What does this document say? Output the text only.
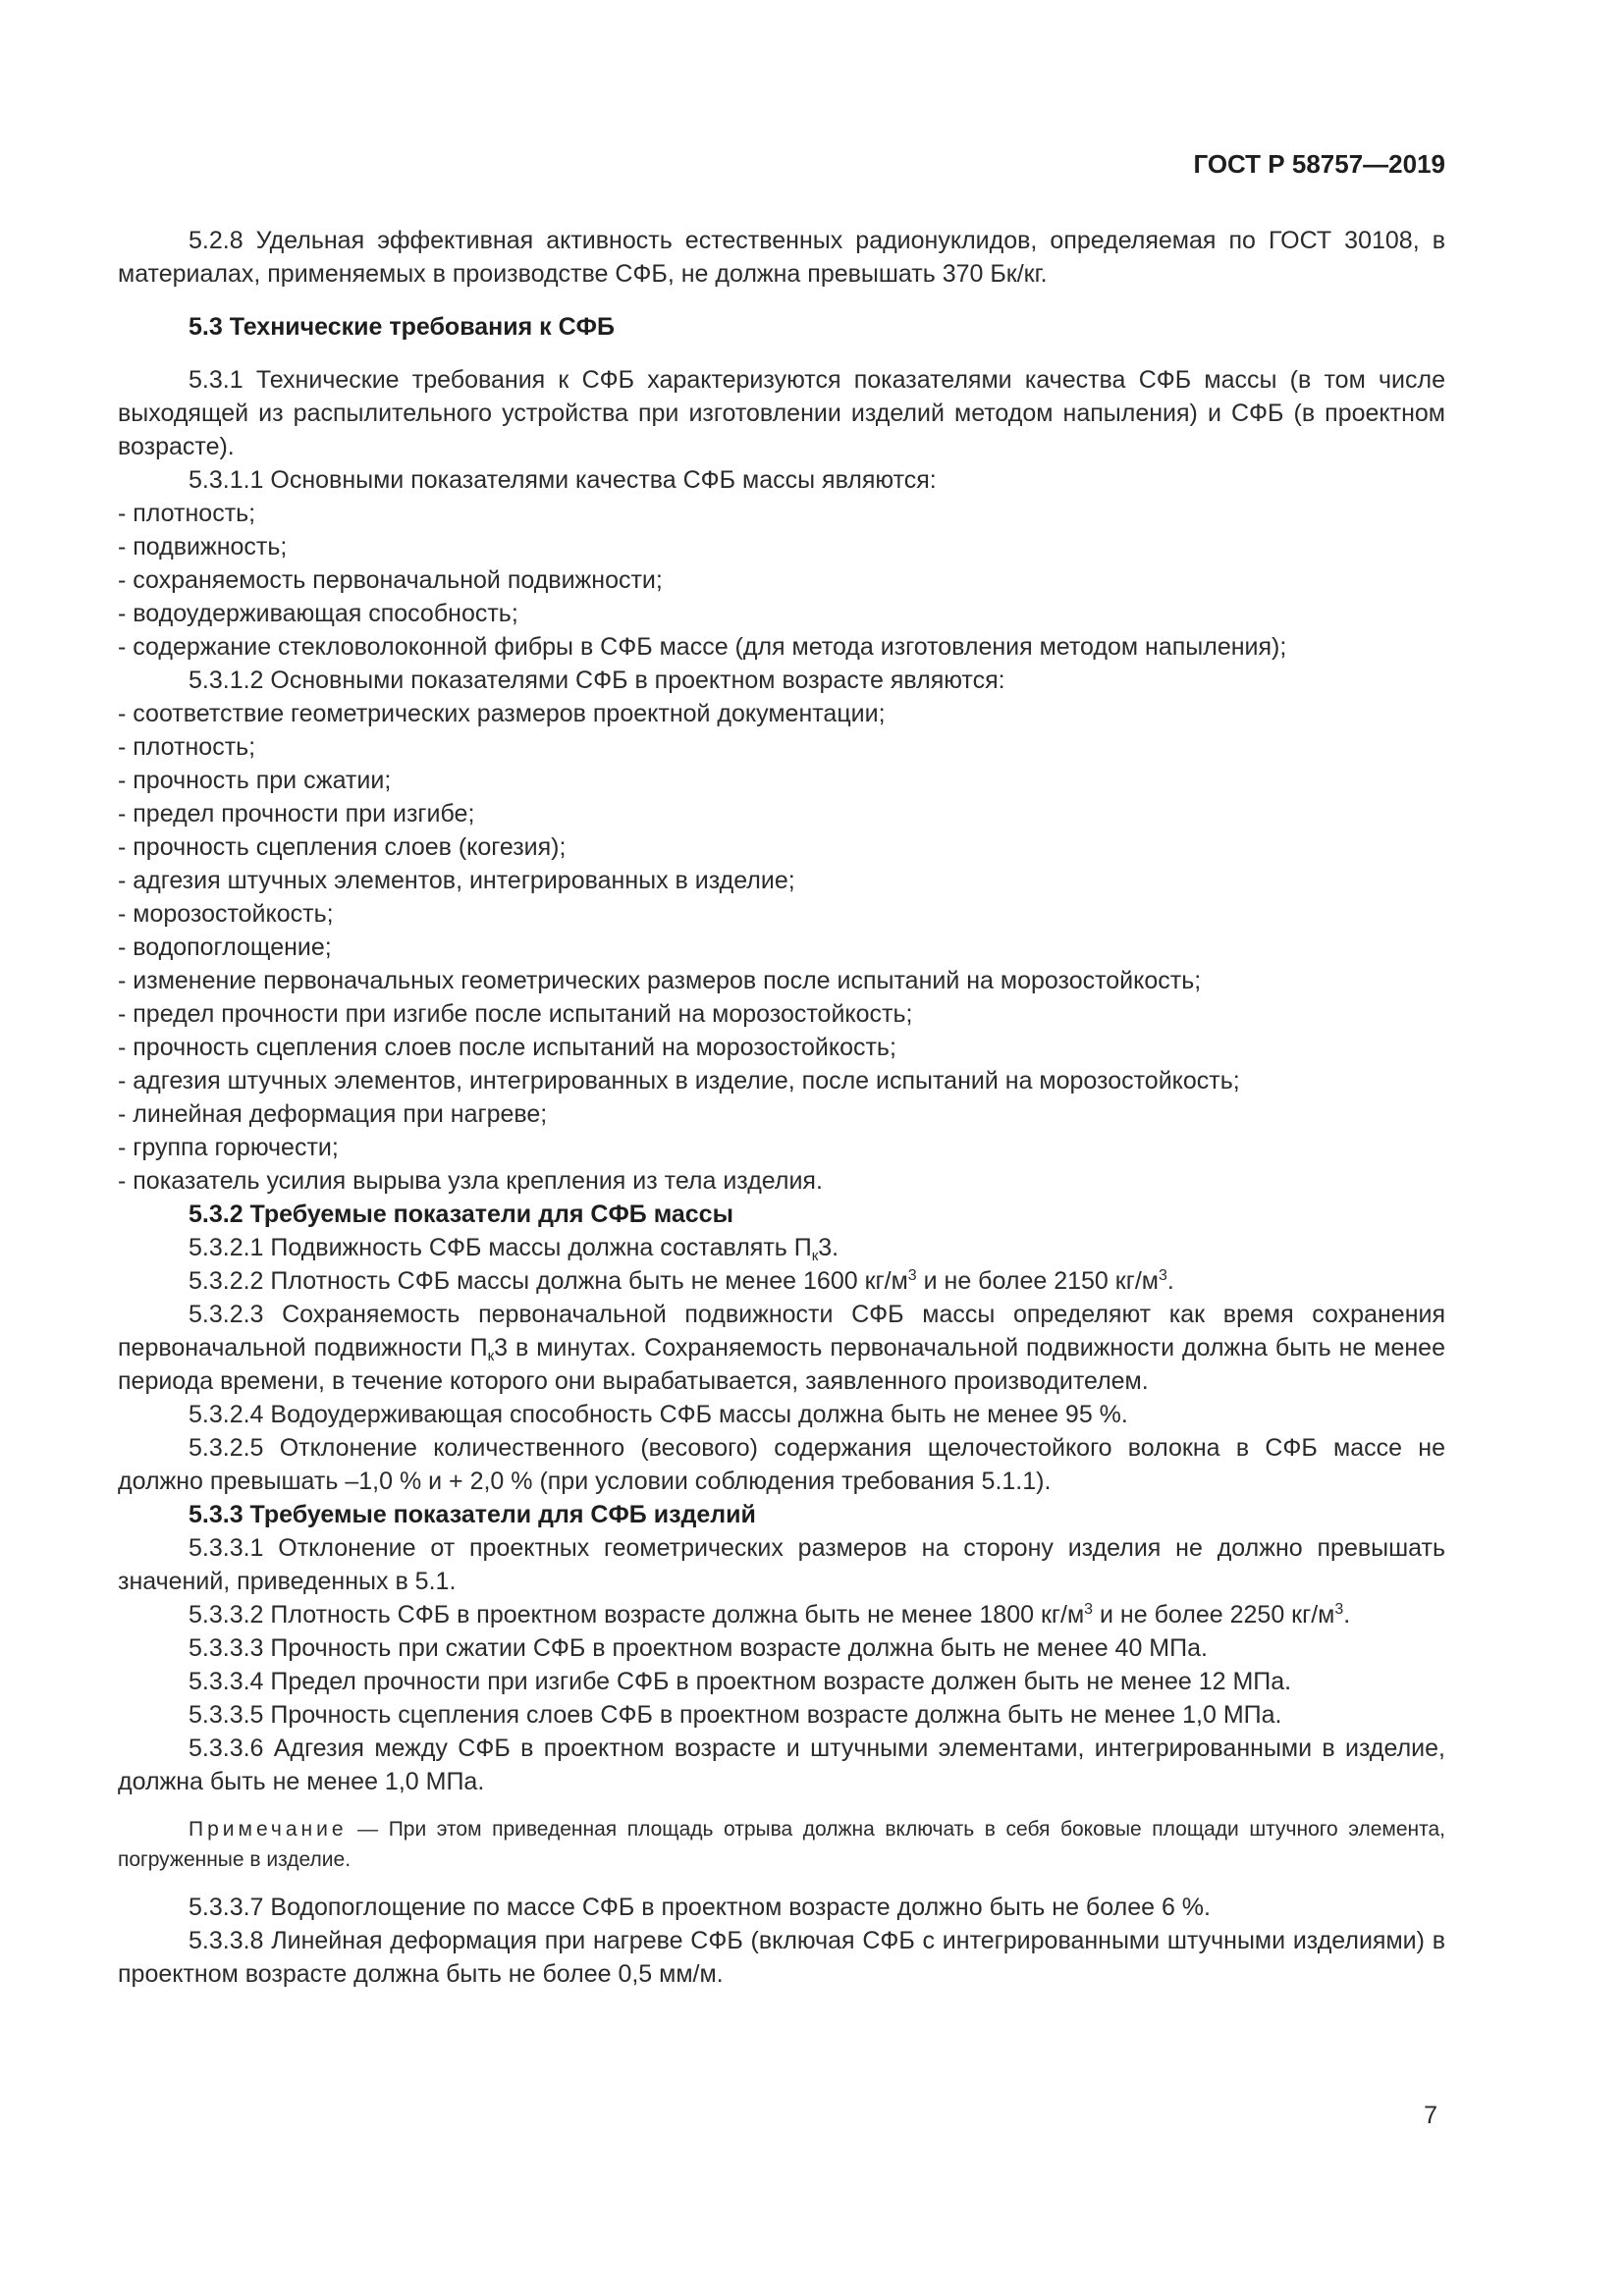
ГОСТ Р 58757—2019

5.2.8 Удельная эффективная активность естественных радионуклидов, определяемая по ГОСТ 30108, в материалах, применяемых в производстве СФБ, не должна превышать 370 Бк/кг.

5.3 Технические требования к СФБ

5.3.1 Технические требования к СФБ характеризуются показателями качества СФБ массы (в том числе выходящей из распылительного устройства при изготовлении изделий методом напыления) и СФБ (в проектном возрасте).

5.3.1.1 Основными показателями качества СФБ массы являются:

- плотность;

- подвижность;

- сохраняемость первоначальной подвижности;

- водоудерживающая способность;

- содержание стекловолоконной фибры в СФБ массе (для метода изготовления методом напыления);

5.3.1.2 Основными показателями СФБ в проектном возрасте являются:

- соответствие геометрических размеров проектной документации;

- плотность;

- прочность при сжатии;

- предел прочности при изгибе;

- прочность сцепления слоев (когезия);

- адгезия штучных элементов, интегрированных в изделие;

- морозостойкость;

- водопоглощение;

- изменение первоначальных геометрических размеров после испытаний на морозостойкость;

- предел прочности при изгибе после испытаний на морозостойкость;

- прочность сцепления слоев после испытаний на морозостойкость;

- адгезия штучных элементов, интегрированных в изделие, после испытаний на морозостойкость;

- линейная деформация при нагреве;

- группа горючести;

- показатель усилия вырыва узла крепления из тела изделия.

5.3.2 Требуемые показатели для СФБ массы

5.3.2.1 Подвижность СФБ массы должна составлять $П_к3$.

5.3.2.2 Плотность СФБ массы должна быть не менее 1600 $кг/м^3$ и не более 2150 $кг/м^3$.

5.3.2.3 Сохраняемость первоначальной подвижности СФБ массы определяют как время сохранения первоначальной подвижности $П_к3$ в минутах. Сохраняемость первоначальной подвижности должна быть не менее периода времени, в течение которого они вырабатывается, заявленного производителем.

5.3.2.4 Водоудерживающая способность СФБ массы должна быть не менее 95 %.

5.3.2.5 Отклонение количественного (весового) содержания щелочестойкого волокна в СФБ массе не должно превышать –1,0 % и + 2,0 % (при условии соблюдения требования 5.1.1).

5.3.3 Требуемые показатели для СФБ изделий

5.3.3.1 Отклонение от проектных геометрических размеров на сторону изделия не должно превышать значений, приведенных в 5.1.

5.3.3.2 Плотность СФБ в проектном возрасте должна быть не менее 1800 $кг/м^3$ и не более 2250 $кг/м^3$.

5.3.3.3 Прочность при сжатии СФБ в проектном возрасте должна быть не менее 40 МПа.

5.3.3.4 Предел прочности при изгибе СФБ в проектном возрасте должен быть не менее 12 МПа.

5.3.3.5 Прочность сцепления слоев СФБ в проектном возрасте должна быть не менее 1,0 МПа.

5.3.3.6 Адгезия между СФБ в проектном возрасте и штучными элементами, интегрированными в изделие, должна быть не менее 1,0 МПа.

Примечание — При этом приведенная площадь отрыва должна включать в себя боковые площади штучного элемента, погруженные в изделие.

5.3.3.7 Водопоглощение по массе СФБ в проектном возрасте должно быть не более 6 %.

5.3.3.8 Линейная деформация при нагреве СФБ (включая СФБ с интегрированными штучными изделиями) в проектном возрасте должна быть не более 0,5 мм/м.

7
